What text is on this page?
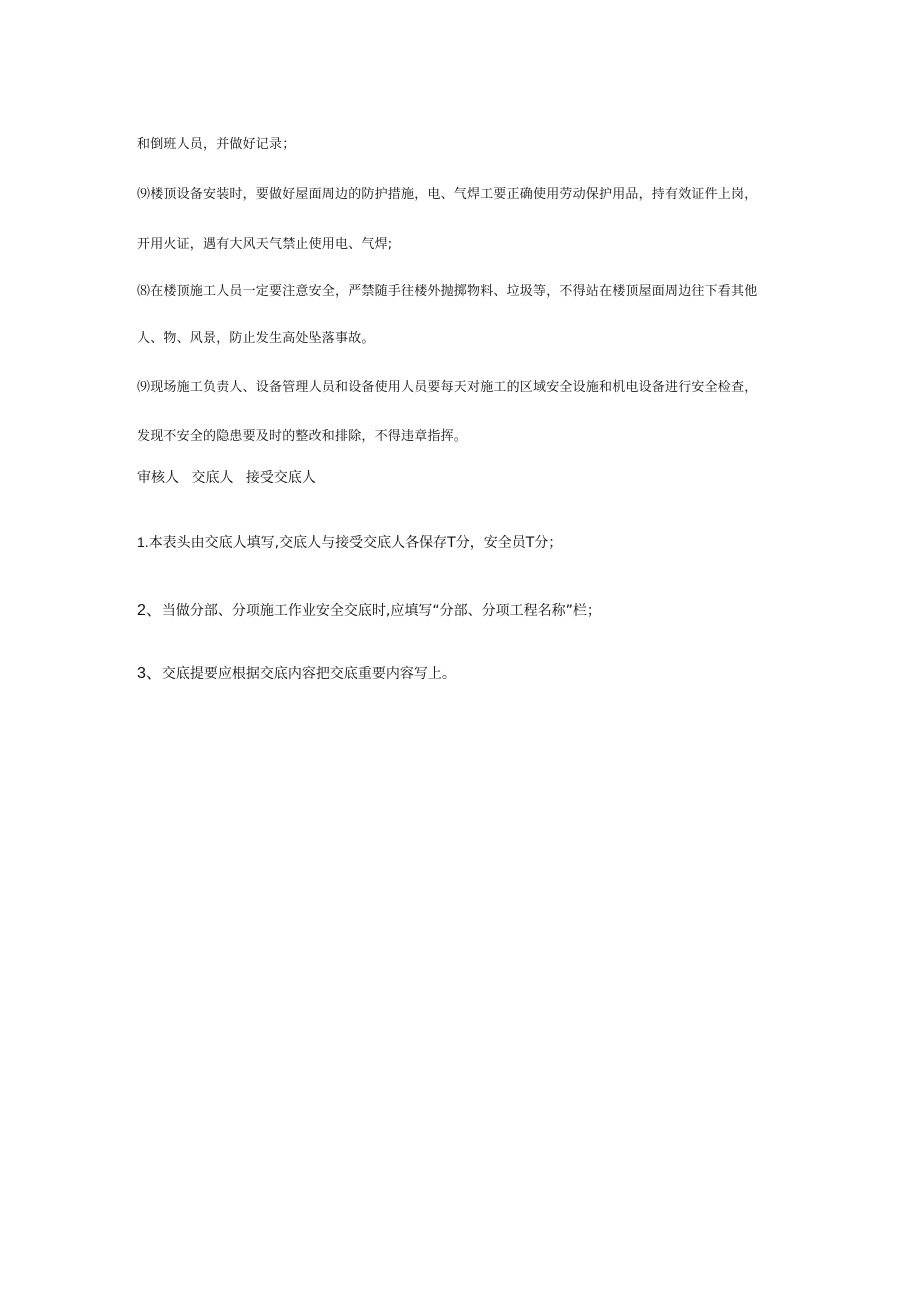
和倒班人员，并做好记录；
⑼楼顶设备安装时，要做好屋面周边的防护措施，电、气焊工要正确使用劳动保护用品，持有效证件上岗，
开用火证，遇有大风天气禁止使用电、气焊;
⑻在楼顶施工人员一定要注意安全，严禁随手往楼外抛掷物料、垃圾等，不得站在楼顶屋面周边往下看其他
人、物、风景，防止发生高处坠落事故。
⑼现场施工负责人、设备管理人员和设备使用人员要每天对施工的区域安全设施和机电设备进行安全检查，
发现不安全的隐患要及时的整改和排除，不得违章指挥。
审核人 交底人 接受交底人
1.本表头由交底人填写,交底人与接受交底人各保存T分，安全员T分；
2、当做分部、分项施工作业安全交底时,应填写“分部、分项工程名称”栏；
3、交底提要应根据交底内容把交底重要内容写上。
